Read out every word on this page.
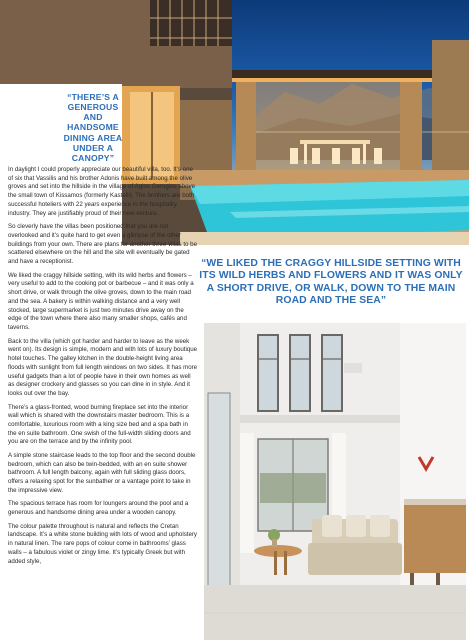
“THERE’S A GENEROUS AND HANDSOME DINING AREA UNDER A CANOPY”
“WE LIKED THE CRAGGY HILLSIDE SETTING WITH ITS WILD HERBS AND FLOWERS AND IT WAS ONLY A SHORT DRIVE, OR WALK, DOWN TO THE MAIN ROAD AND THE SEA”

In daylight I could properly appreciate our beautiful villa, too. It’s one of six that Vassilis and his brother Adonis have built among the olive groves and set into the hillside in the village of Agios Gerogios above the small town of Kissamos (formerly Kastelli). The brothers are both successful hoteliers with 22 years experience in the hospitality industry. They are justifiably proud of their new venture.

So cleverly have the villas been positioned that you are not overlooked and it’s quite hard to get even a glimpse of the other buildings from your own. There are plans for another three villas to be scattered elsewhere on the hill and the site will eventually be gated and have a receptionist.

We liked the craggy hillside setting, with its wild herbs and flowers – very useful to add to the cooking pot or barbecue – and it was only a short drive, or walk through the olive groves, down to the main road and the sea. A bakery is within walking distance and a very well stocked, large supermarket is just two minutes drive away on the edge of the town where there also many smaller shops, cafés and taverns.

Back to the villa (which got harder and harder to leave as the week went on). Its design is simple, modern and with lots of luxury boutique hotel touches. The galley kitchen in the double-height living area floods with sunlight from full length windows on two sides. It has more useful gadgets than a lot of people have in their own homes as well as designer crockery and glasses so you can dine in in style. And it looks out over the bay.

There’s a glass-fronted, wood burning fireplace set into the interior wall which is shared with the downstairs master bedroom. This is a comfortable, luxurious room with a king size bed and a spa bath in the en suite bathroom. One swish of the full-width sliding doors and you are on the terrace and by the infinity pool.

A simple stone staircase leads to the top floor and the second double bedroom, which can also be twin-bedded, with an en suite shower bathroom. A full length balcony, again with full sliding glass doors, offers a relaxing spot for the sunbather or a vantage point to take in the impressive view.

The spacious terrace has room for loungers around the pool and a generous and handsome dining area under a wooden canopy.

The colour palette throughout is natural and reflects the Cretan landscape. It’s a white stone building with lots of wood and upholstery in natural linen. The rare pops of colour come in bathrooms’ glass walls – a fabulous violet or zingy lime. It’s typically Greek but with added style,
